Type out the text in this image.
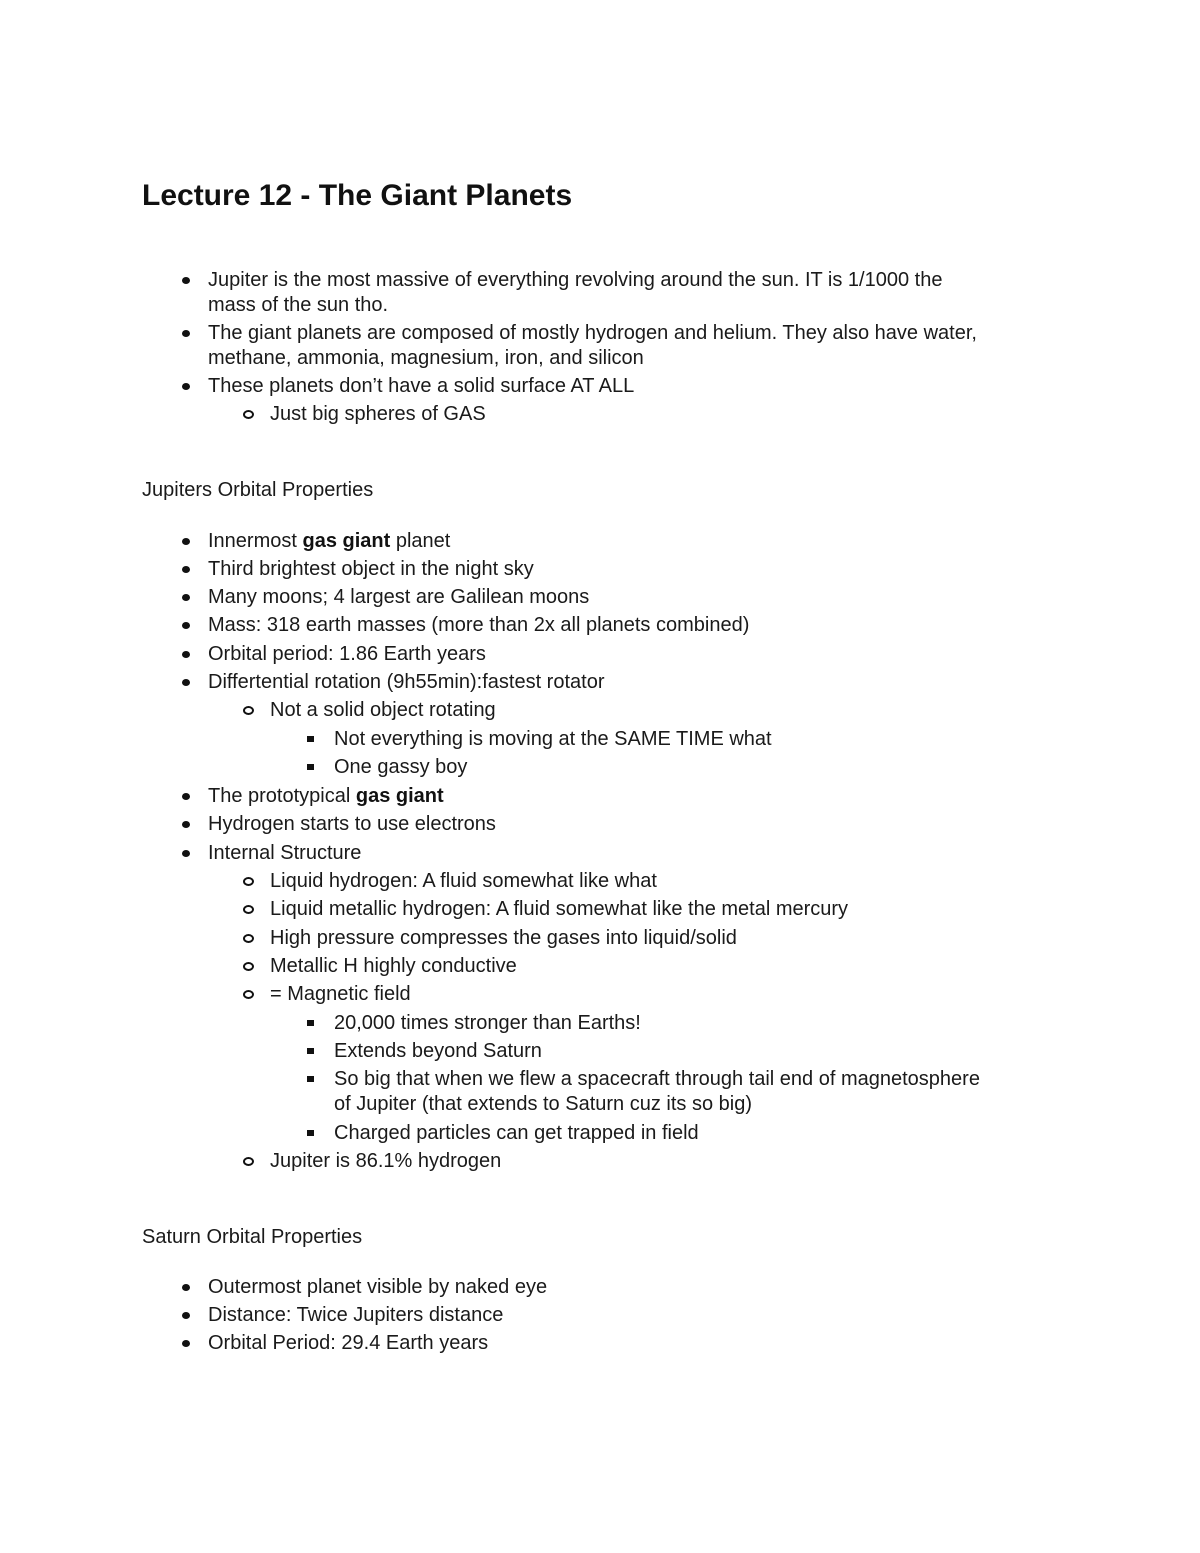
Lecture 12 - The Giant Planets
Jupiter is the most massive of everything revolving around the sun. IT is 1/1000 the
mass of the sun tho.
The giant planets are composed of mostly hydrogen and helium. They also have water,
methane, ammonia, magnesium, iron, and silicon
These planets don’t have a solid surface AT ALL
Just big spheres of GAS
Jupiters Orbital Properties
Innermost gas giant planet
Third brightest object in the night sky
Many moons; 4 largest are Galilean moons
Mass: 318 earth masses (more than 2x all planets combined)
Orbital period: 1.86 Earth years
Differtential rotation (9h55min):fastest rotator
Not a solid object rotating
Not everything is moving at the SAME TIME what
One gassy boy
The prototypical gas giant
Hydrogen starts to use electrons
Internal Structure
Liquid hydrogen: A fluid somewhat like what
Liquid metallic hydrogen: A fluid somewhat like the metal mercury
High pressure compresses the gases into liquid/solid
Metallic H highly conductive
= Magnetic field
20,000 times stronger than Earths!
Extends beyond Saturn
So big that when we flew a spacecraft through tail end of magnetosphere
of Jupiter (that extends to Saturn cuz its so big)
Charged particles can get trapped in field
Jupiter is 86.1% hydrogen
Saturn Orbital Properties
Outermost planet visible by naked eye
Distance: Twice Jupiters distance
Orbital Period: 29.4 Earth years
